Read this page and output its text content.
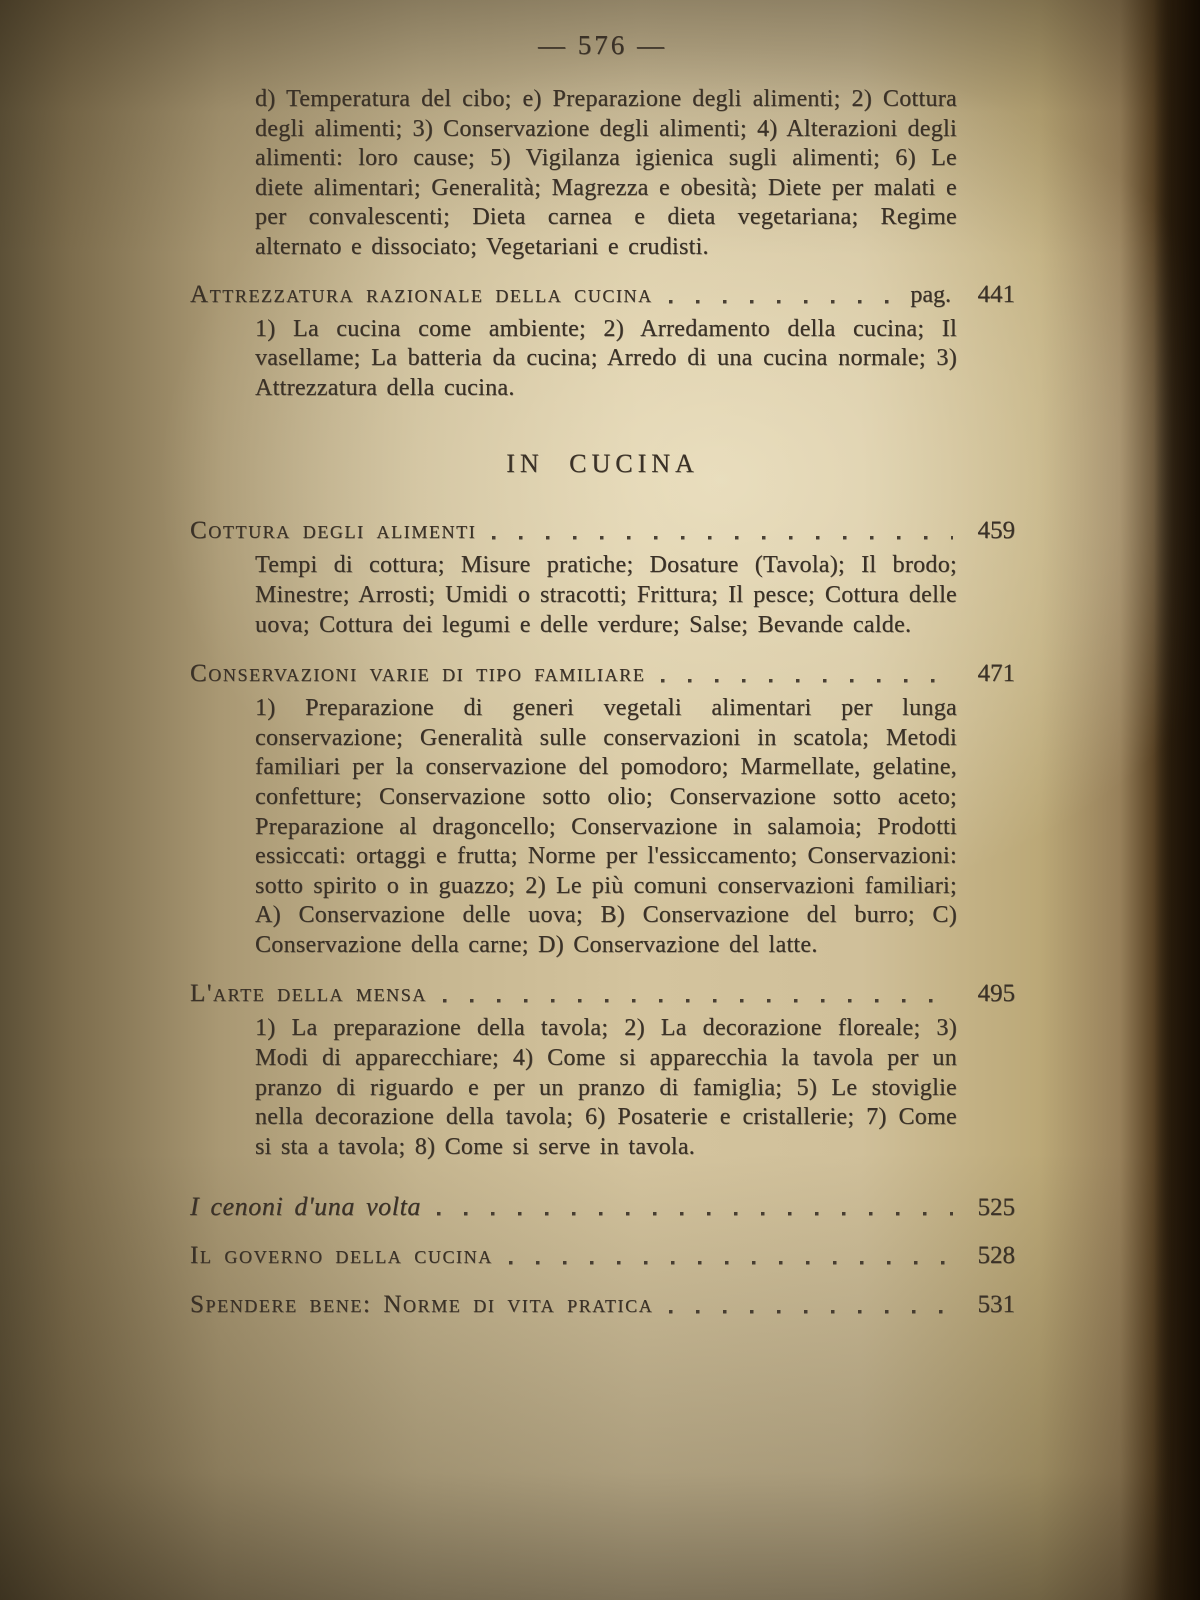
— 576 —

d) Temperatura del cibo; e) Preparazione degli alimenti; 2) Cottura degli alimenti; 3) Conservazione degli alimenti; 4) Alterazioni degli alimenti: loro cause; 5) Vigilanza igienica sugli alimenti; 6) Le diete alimentari; Generalità; Magrezza e obesità; Diete per malati e per convalescenti; Dieta carnea e dieta vegetariana; Regime alternato e dissociato; Vegetariani e crudisti.

Attrezzatura razionale della cucina	pag.	441

1) La cucina come ambiente; 2) Arredamento della cucina; Il vasellame; La batteria da cucina; Arredo di una cucina normale; 3) Attrezzatura della cucina.

IN CUCINA
Cottura degli alimenti	459

Tempi di cottura; Misure pratiche; Dosature (Tavola); Il brodo; Minestre; Arrosti; Umidi o stracotti; Frittura; Il pesce; Cottura delle uova; Cottura dei legumi e delle verdure; Salse; Bevande calde.

Conservazioni varie di tipo familiare	471

1) Preparazione di generi vegetali alimentari per lunga conservazione; Generalità sulle conservazioni in scatola; Metodi familiari per la conservazione del pomodoro; Marmellate, gelatine, confetture; Conservazione sotto olio; Conservazione sotto aceto; Preparazione al dragoncello; Conservazione in salamoia; Prodotti essiccati: ortaggi e frutta; Norme per l'essiccamento; Conservazioni: sotto spirito o in guazzo; 2) Le più comuni conservazioni familiari; A) Conservazione delle uova; B) Conservazione del burro; C) Conservazione della carne; D) Conservazione del latte.

L'arte della mensa	495

1) La preparazione della tavola; 2) La decorazione floreale; 3) Modi di apparecchiare; 4) Come si apparecchia la tavola per un pranzo di riguardo e per un pranzo di famiglia; 5) Le stoviglie nella decorazione della tavola; 6) Posaterie e cristallerie; 7) Come si sta a tavola; 8) Come si serve in tavola.

I cenoni d'una volta	525
Il governo della cucina	528
Spendere bene: Norme di vita pratica	531
